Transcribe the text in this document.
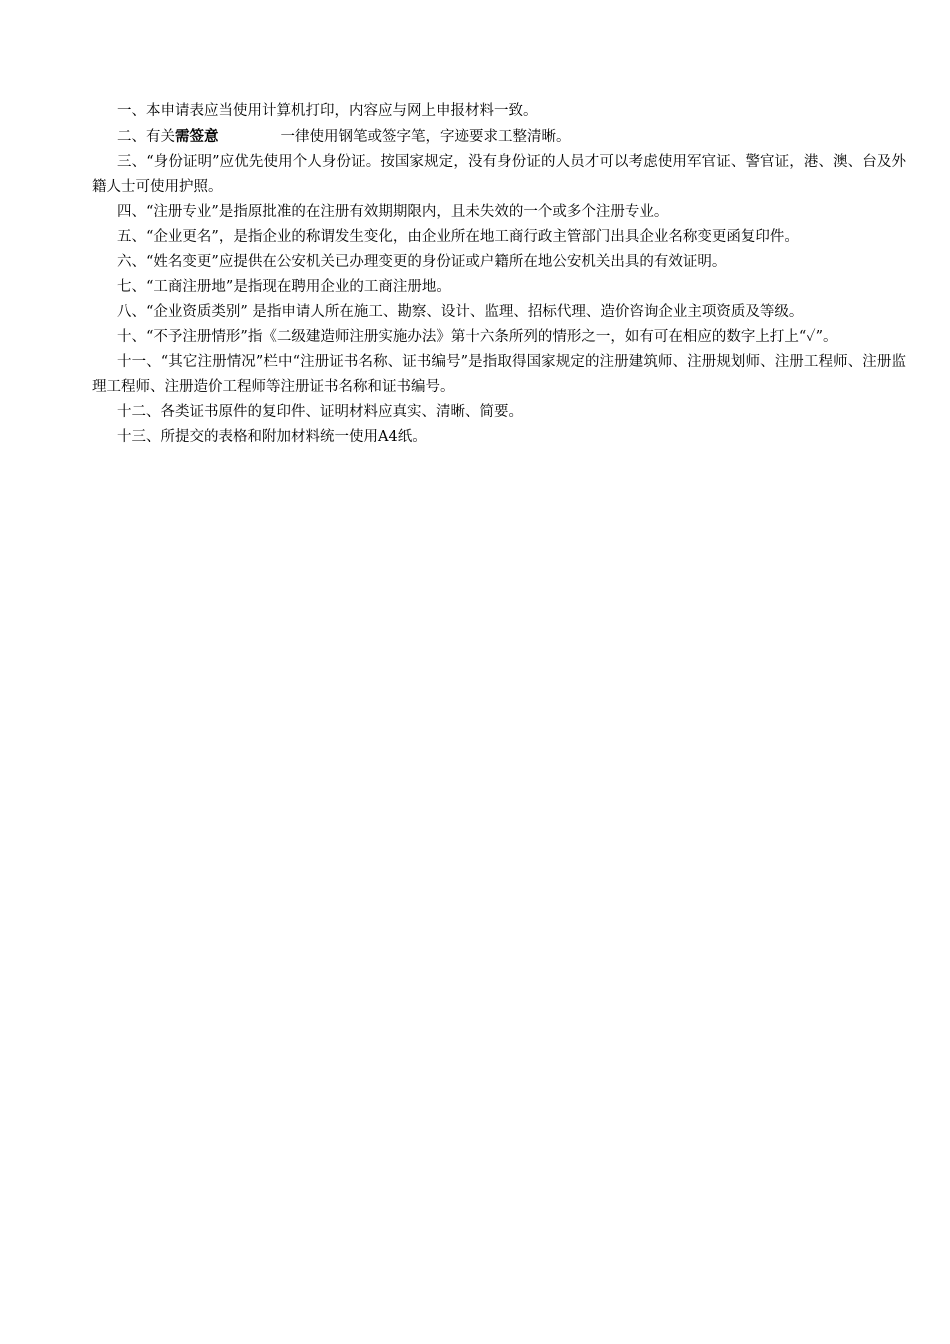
一、本申请表应当使用计算机打印，内容应与网上申报材料一致。

二、有关需签意	一律使用钢笔或签字笔，字迹要求工整清晰。

三、“身份证明”应优先使用个人身份证。按国家规定，没有身份证的人员才可以考虑使用军官证、警官证，港、澳、台及外籍人士可使用护照。

四、“注册专业”是指原批准的在注册有效期期限内，且未失效的一个或多个注册专业。

五、“企业更名”，是指企业的称谓发生变化，由企业所在地工商行政主管部门出具企业名称变更函复印件。

六、“姓名变更”应提供在公安机关已办理变更的身份证或户籍所在地公安机关出具的有效证明。

七、“工商注册地”是指现在聘用企业的工商注册地。

八、“企业资质类别” 是指申请人所在施工、勘察、设计、监理、招标代理、造价咨询企业主项资质及等级。

十、“不予注册情形”指《二级建造师注册实施办法》第十六条所列的情形之一，如有可在相应的数字上打上“✓”。

十一、“其它注册情况”栏中“注册证书名称、证书编号”是指取得国家规定的注册建筑师、注册规划师、注册工程师、注册监理工程师、注册造价工程师等注册证书名称和证书编号。

十二、各类证书原件的复印件、证明材料应真实、清晰、简要。

十三、所提交的表格和附加材料统一使用A4纸。
